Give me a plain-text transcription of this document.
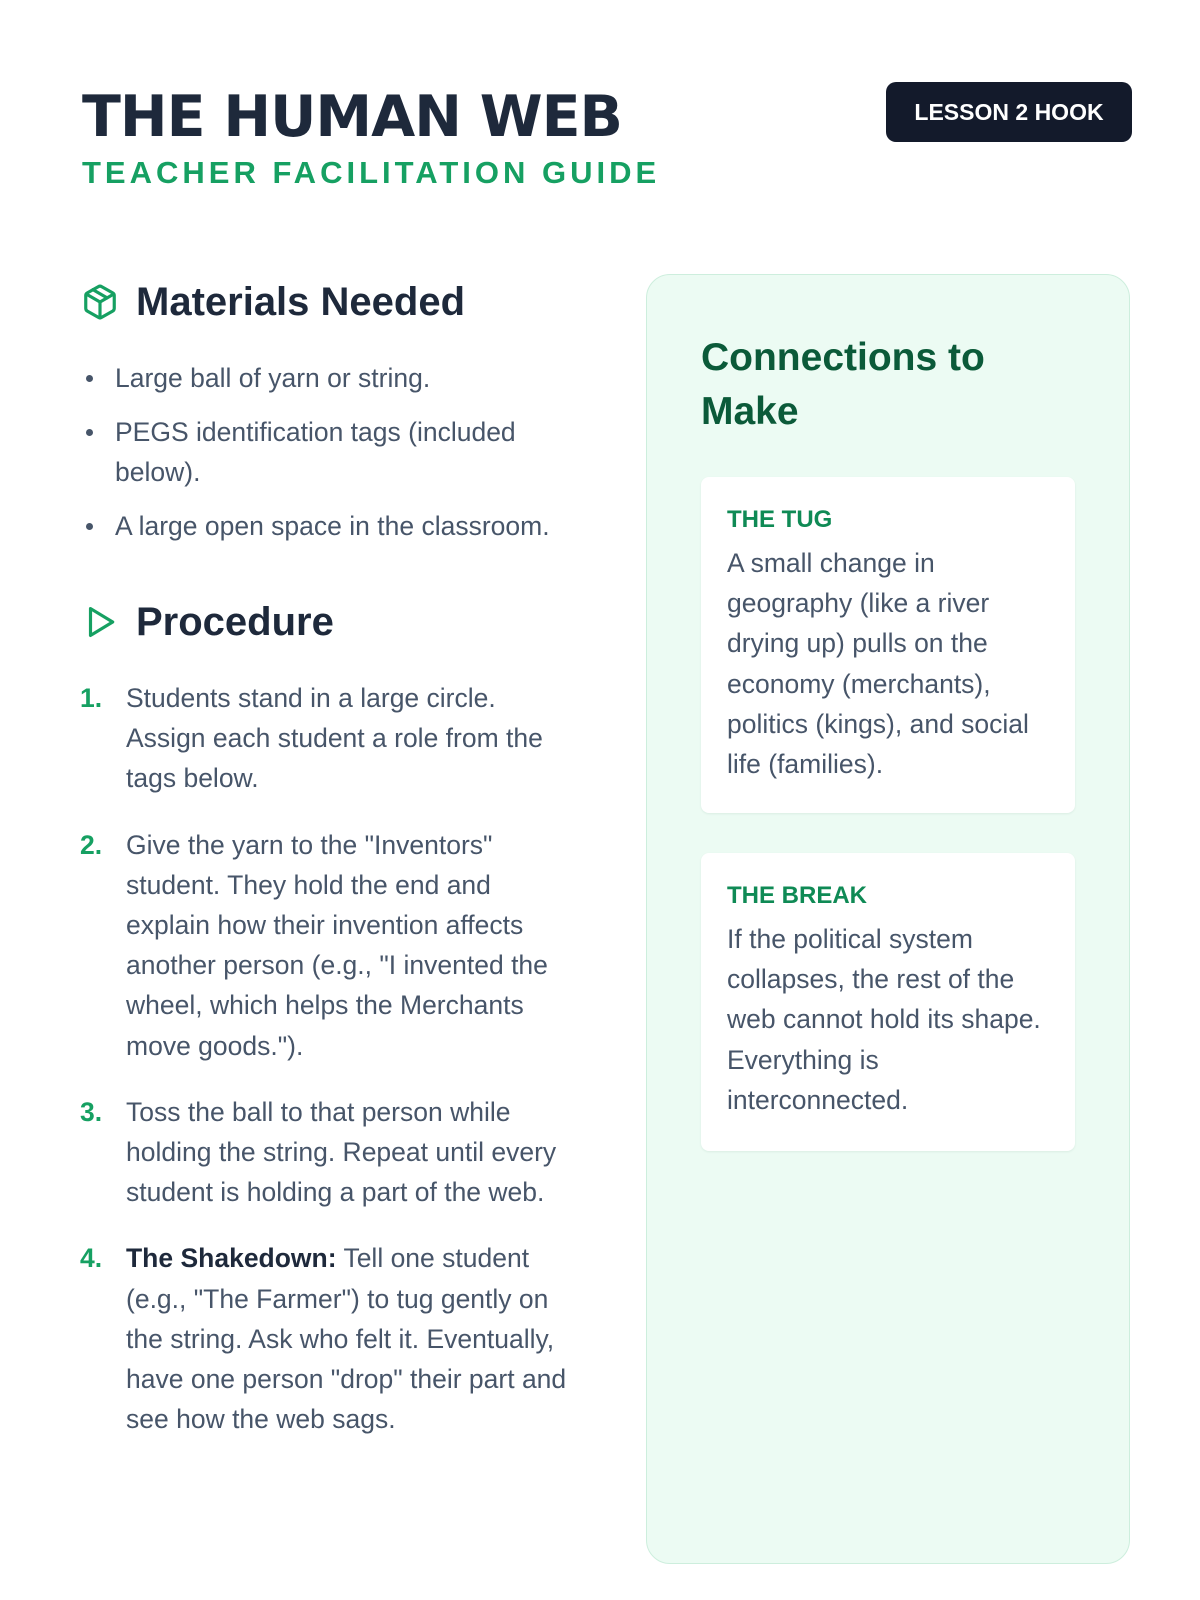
THE HUMAN WEB
TEACHER FACILITATION GUIDE
LESSON 2 HOOK
Materials Needed
Large ball of yarn or string.
PEGS identification tags (included below).
A large open space in the classroom.
Procedure
1. Students stand in a large circle. Assign each student a role from the tags below.
2. Give the yarn to the "Inventors" student. They hold the end and explain how their invention affects another person (e.g., "I invented the wheel, which helps the Merchants move goods.").
3. Toss the ball to that person while holding the string. Repeat until every student is holding a part of the web.
4. The Shakedown: Tell one student (e.g., "The Farmer") to tug gently on the string. Ask who felt it. Eventually, have one person "drop" their part and see how the web sags.
Connections to Make
THE TUG
A small change in geography (like a river drying up) pulls on the economy (merchants), politics (kings), and social life (families).
THE BREAK
If the political system collapses, the rest of the web cannot hold its shape. Everything is interconnected.
